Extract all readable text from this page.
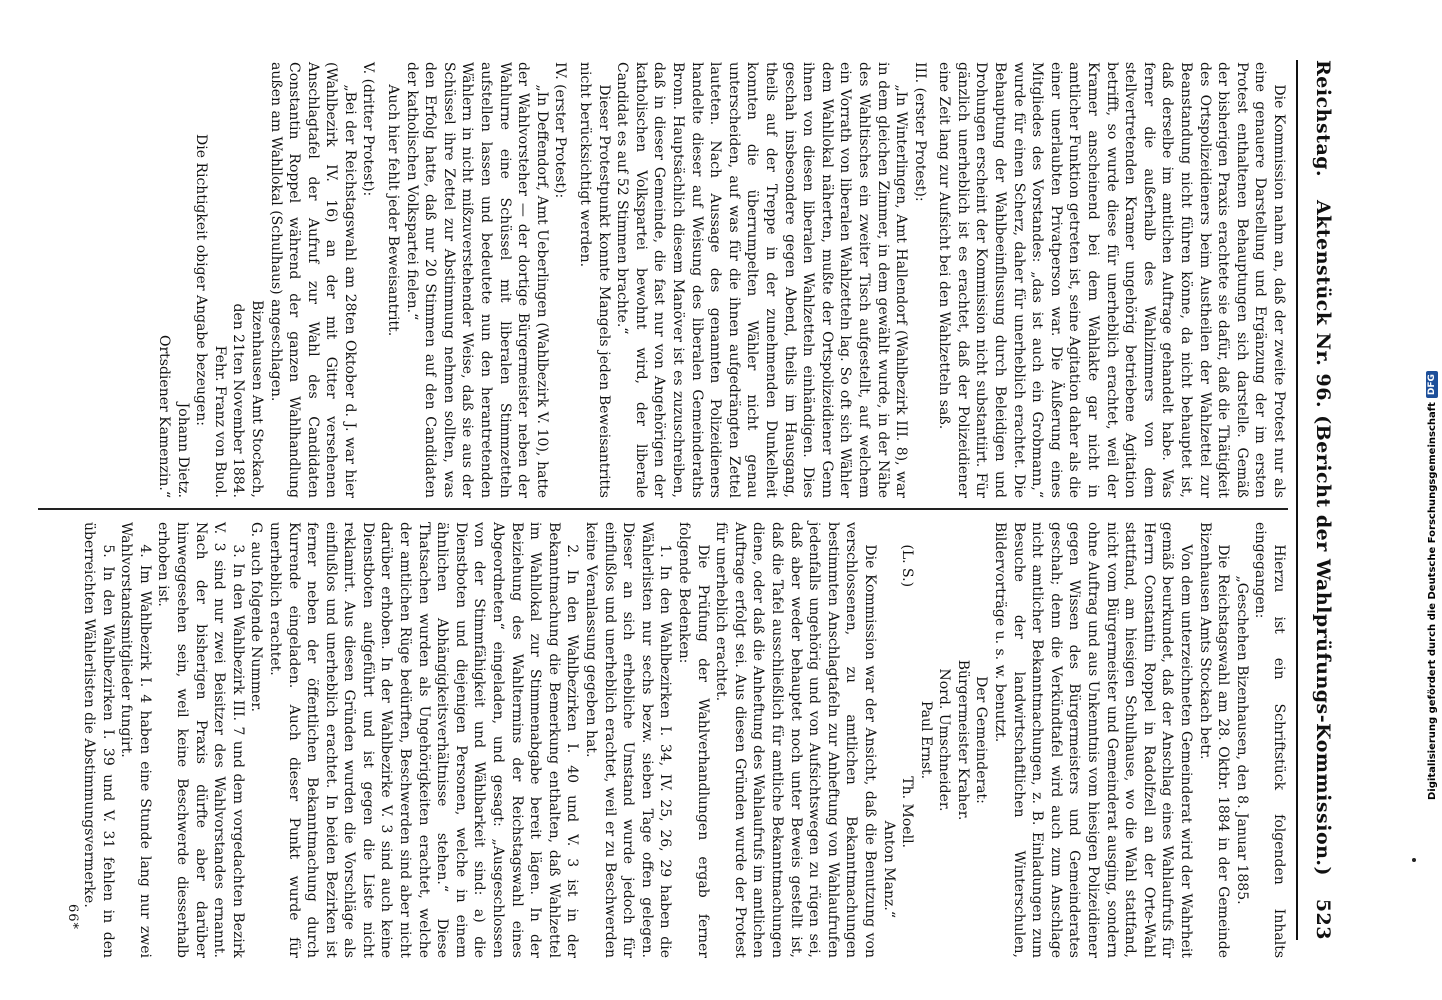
Reichstag.
Aktenstück Nr. 96. (Bericht der Wahlprüfungs-Kommission.)
523

Die Kommission nahm an, daß der zweite Protest nur als eine genauere Darstellung und Ergänzung der im ersten Protest enthaltenen Behauptungen sich darstelle. Gemäß der bisherigen Praxis erachtete sie dafür, daß die Thätigkeit des Ortspolizeidieners beim Austheilen der Wahlzettel zur Beanstandung nicht führen könne, da nicht behauptet ist, daß derselbe im amtlichen Auftrage gehandelt habe. Was ferner die außerhalb des Wahlzimmers von dem stellvertretenden Kramer ungehörig betriebene Agitation betrifft, so wurde diese für unerheblich erachtet, weil der Kramer anscheinend bei dem Wahlakte gar nicht in amtlicher Funktion getreten ist, seine Agitation daher als die einer unerlaubten Privatperson war. Die Äußerung eines Mitgliedes des Vorstandes: „das ist auch ein Grobmann,“ wurde für einen Scherz, daher für unerheblich erachtet. Die Behauptung der Wahlbeeinflussung durch Beleidigen und Drohungen erscheint der Kommission nicht substantiirt. Für gänzlich unerheblich ist es erachtet, daß der Polizeidiener eine Zeit lang zur Aufsicht bei den Wahlzetteln saß.

III. (erster Protest):

„In Winterlingen, Amt Hallendorf (Wahlbezirk III. 8), war in dem gleichen Zimmer, in dem gewählt wurde, in der Nähe des Wahltisches ein zweiter Tisch aufgestellt, auf welchem ein Vorrath von liberalen Wahlzetteln lag. So oft sich Wähler dem Wahllokal näherten, mußte der Ortspolizeidiener Genn ihnen von diesen liberalen Wahlzetteln einhändigen. Dies geschah insbesondere gegen Abend, theils im Hausgang, theils auf der Treppe in der zunehmenden Dunkelheit konnten die überrumpelten Wähler nicht genau unterscheiden, auf was für die ihnen aufgedrängten Zettel lauteten. Nach Aussage des genannten Polizeidieners handelte dieser auf Weisung des liberalen Gemeinderaths Bronn. Hauptsächlich diesem Manöver ist es zuzuschreiben, daß in dieser Gemeinde, die fast nur von Angehörigen der katholischen Volkspartei bewohnt wird, der liberale Candidat es auf 52 Stimmen brachte.“

Dieser Protestpunkt konnte Mangels jeden Beweisantritts nicht berücksichtigt werden.

IV. (erster Protest):

„In Deffendorf, Amt Ueberlingen (Wahlbezirk V. 10), hatte der Wahlvorsteher — der dortige Bürgermeister neben der Wahlurne eine Schüssel mit liberalen Stimmzetteln aufstellen lassen und bedeutete nun den herantretenden Wählern in nicht mißzuverstehender Weise, daß sie aus der Schüssel ihre Zettel zur Abstimmung nehmen sollten, was den Erfolg hatte, daß nur 20 Stimmen auf den Candidaten der katholischen Volkspartei fielen.“

Auch hier fehlt jeder Beweisantritt.

V. (dritter Protest):

„Bei der Reichstagswahl am 28ten Oktober d. J. war hier (Wahlbezirk IV. 16) an der mit Gitter versehenen Anschlagtafel der Aufruf zur Wahl des Candidaten Constantin Roppel während der ganzen Wahlhandlung außen am Wahllokal (Schulhaus) angeschlagen.

Bizenhausen Amt Stockach,

den 21ten November 1884.

Fehr. Franz von Buol.

Die Richtigkeit obiger Angabe bezeugen:

Johann Dietz.

Ortsdiener Kamenzin.“

Hierzu ist ein Schriftstück folgenden Inhalts eingegangen:

„Geschehen Bizenhausen, den 8. Januar 1885.

Die Reichstagswahl am 28. Oktbr. 1884 in der Gemeinde Bizenhausen Amts Stockach betr.

Von dem unterzeichneten Gemeinderat wird der Wahrheit gemäß beurkundet, daß der Anschlag eines Wahlaufrufs für Herrn Constantin Roppel in Radolfzell an der Orte-Wahl stattfand, am hiesigen Schulhause, wo die Wahl stattfand, nicht vom Bürgermeister und Gemeinderat ausging, sondern ohne Auftrag und aus Unkenntnis vom hiesigen Polizeidiener gegen Wissen des Bürgermeisters und Gemeinderates geschah; denn die Verkündtafel wird auch zum Anschlage nicht amtlicher Bekanntmachungen, z. B. Einladungen zum Besuche der landwirtschaftlichen Winterschulen, Bildervorträge u. s. w. benutzt.

Der Gemeinderat:

Bürgermeister Kraher.

Nord. Umschneider.

Paul Ernst.

(L. S.)
Th. Moell.

Anton Manz.“

Die Kommission war der Ansicht, daß die Benutzung von verschlossenen, zu amtlichen Bekanntmachungen bestimmten Anschlagtafeln zur Anheftung von Wahlaufrufen jedenfalls ungehörig und von Aufsichtswegen zu rügen sei, daß aber weder behauptet noch unter Beweis gestellt ist, daß die Tafel ausschließlich für amtliche Bekanntmachungen diene, oder daß die Anheftung des Wahlaufrufs im amtlichen Auftrage erfolgt sei. Aus diesen Gründen wurde der Protest für unerheblich erachtet.

Die Prüfung der Wahlverhandlungen ergab ferner folgende Bedenken:

1. In den Wahlbezirken I. 34, IV. 25, 26, 29 haben die Wählerlisten nur sechs bezw. sieben Tage offen gelegen. Dieser an sich erhebliche Umstand wurde jedoch für einflußlos und unerheblich erachtet, weil er zu Beschwerden keine Veranlassung gegeben hat.

2. In den Wahlbezirken I. 40 und V. 3 ist in der Bekanntmachung die Bemerkung enthalten, daß Wahlzettel im Wahllokal zur Stimmenabgabe bereit lägen. In der Beiziehung des Wahltermins der Reichstagswahl eines Abgeordneten“ eingeladen, und gesagt: „Ausgeschlossen von der Stimmfähigkeit und Wählbarkeit sind: a) die Dienstboten und diejenigen Personen, welche in einem ähnlichen Abhängigkeitsverhältnisse stehen.“ Diese Thatsachen wurden als Ungehörigkeiten erachtet, welche der amtlichen Rüge bedürften, Beschwerden sind aber nicht darüber erhoben. In der Wahlbezirke V. 3 sind auch keine Dienstboten aufgeführt und ist gegen die Liste nicht reklamirt. Aus diesen Gründen wurden die Vorschläge als einflußlos und unerheblich erachtet. In beiden Bezirken ist ferner neben der öffentlichen Bekanntmachung durch Kurrende eingeladen. Auch dieser Punkt wurde für unerheblich erachtet.

G. auch folgende Nummer.

3. In den Wahlbezirk III. 7 und dem vorgedachten Bezirk V. 3 sind nur zwei Beisitzer des Wahlvorstandes ernannt. Nach der bisherigen Praxis dürfte aber darüber hinweggesehen sein, weil keine Beschwerde diesserhalb erhoben ist.

4. Im Wahlbezirk I. 4 haben eine Stunde lang nur zwei Wahlvorstandsmitglieder fungirt.

5. In den Wahlbezirken I. 39 und V. 31 fehlen in den überreichten Wählerlisten die Abstimmungsvermerke.

66*
Digitalisierung gefördert durch die Deutsche Forschungsgemeinschaft
DFG
